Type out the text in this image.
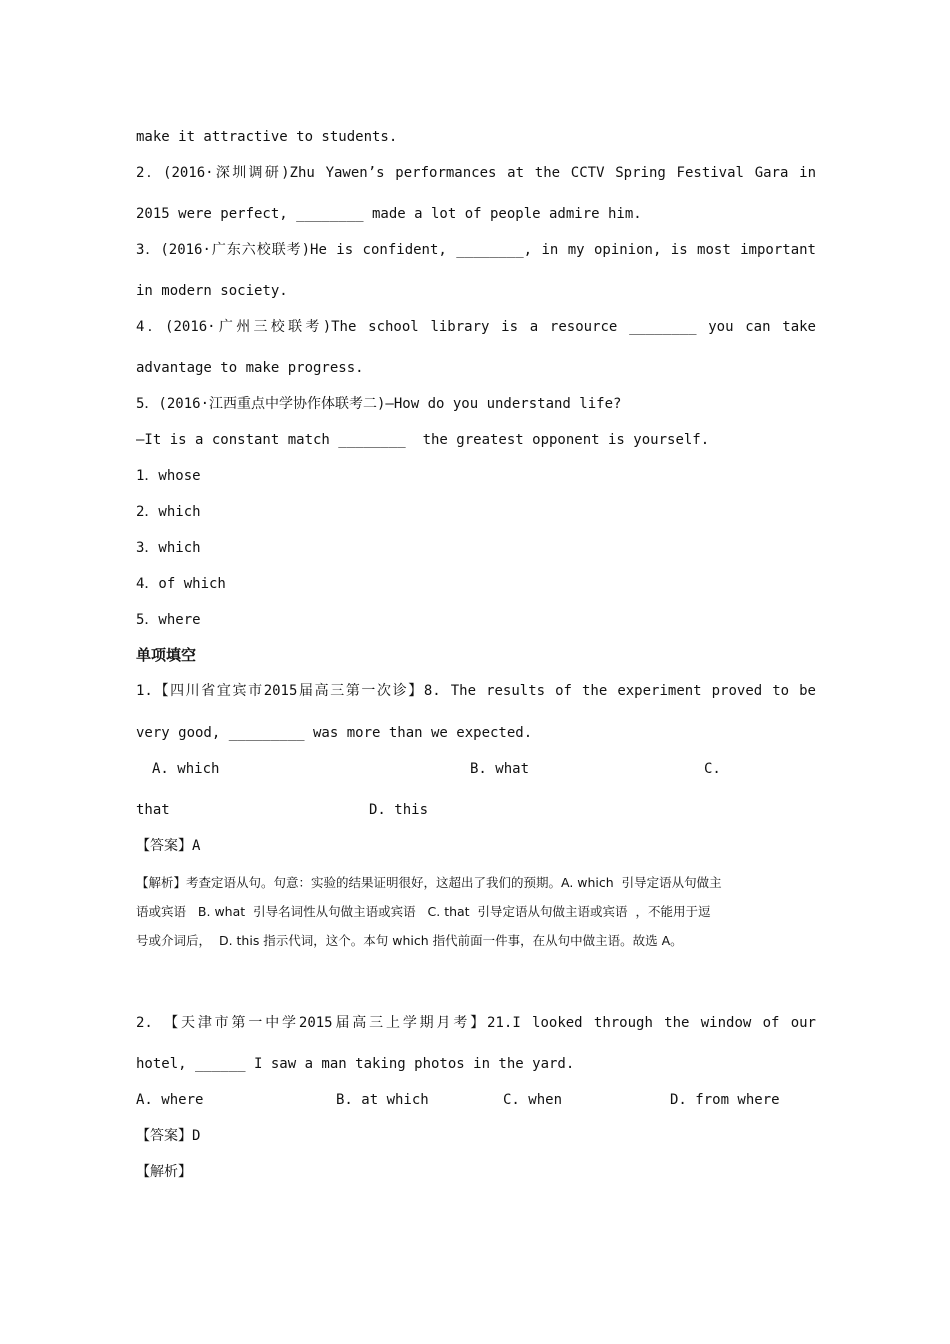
make it attractive to students.
2．(2016·深圳调研)Zhu Yawen’s performances at the CCTV Spring Festival Gara in
2015 were perfect, ________ made a lot of people admire him.
3．(2016·广东六校联考)He is confident, ________, in my opinion, is most important
in modern society.
4．(2016·广州三校联考)The school library is a resource ________ you can take
advantage to make progress.
5．(2016·江西重点中学协作体联考二)—How do you understand life?
—It is a constant match ________  the greatest opponent is yourself.
1．whose
2．which
3．which
4．of which
5．where
单项填空
1.【四川省宜宾市2015届高三第一次诊】8. The results of the experiment proved to be
very good, _________ was more than we expected.
A. which	B. what	C.
that	D. this
【答案】A
【解析】考查定语从句。句意：实验的结果证明很好，这超出了我们的预期。A. which  引导定语从句做主
语或宾语   B. what  引导名词性从句做主语或宾语   C. that  引导定语从句做主语或宾语  ，不能用于逗
号或介词后，  D. this 指示代词，这个。本句 which 指代前面一件事，在从句中做主语。故选 A。
2. 【天津市第一中学2015届高三上学期月考】21.I looked through the window of our
hotel, ______ I saw a man taking photos in the yard.
A. where	B. at which	C. when	D. from where
【答案】D
【解析】
